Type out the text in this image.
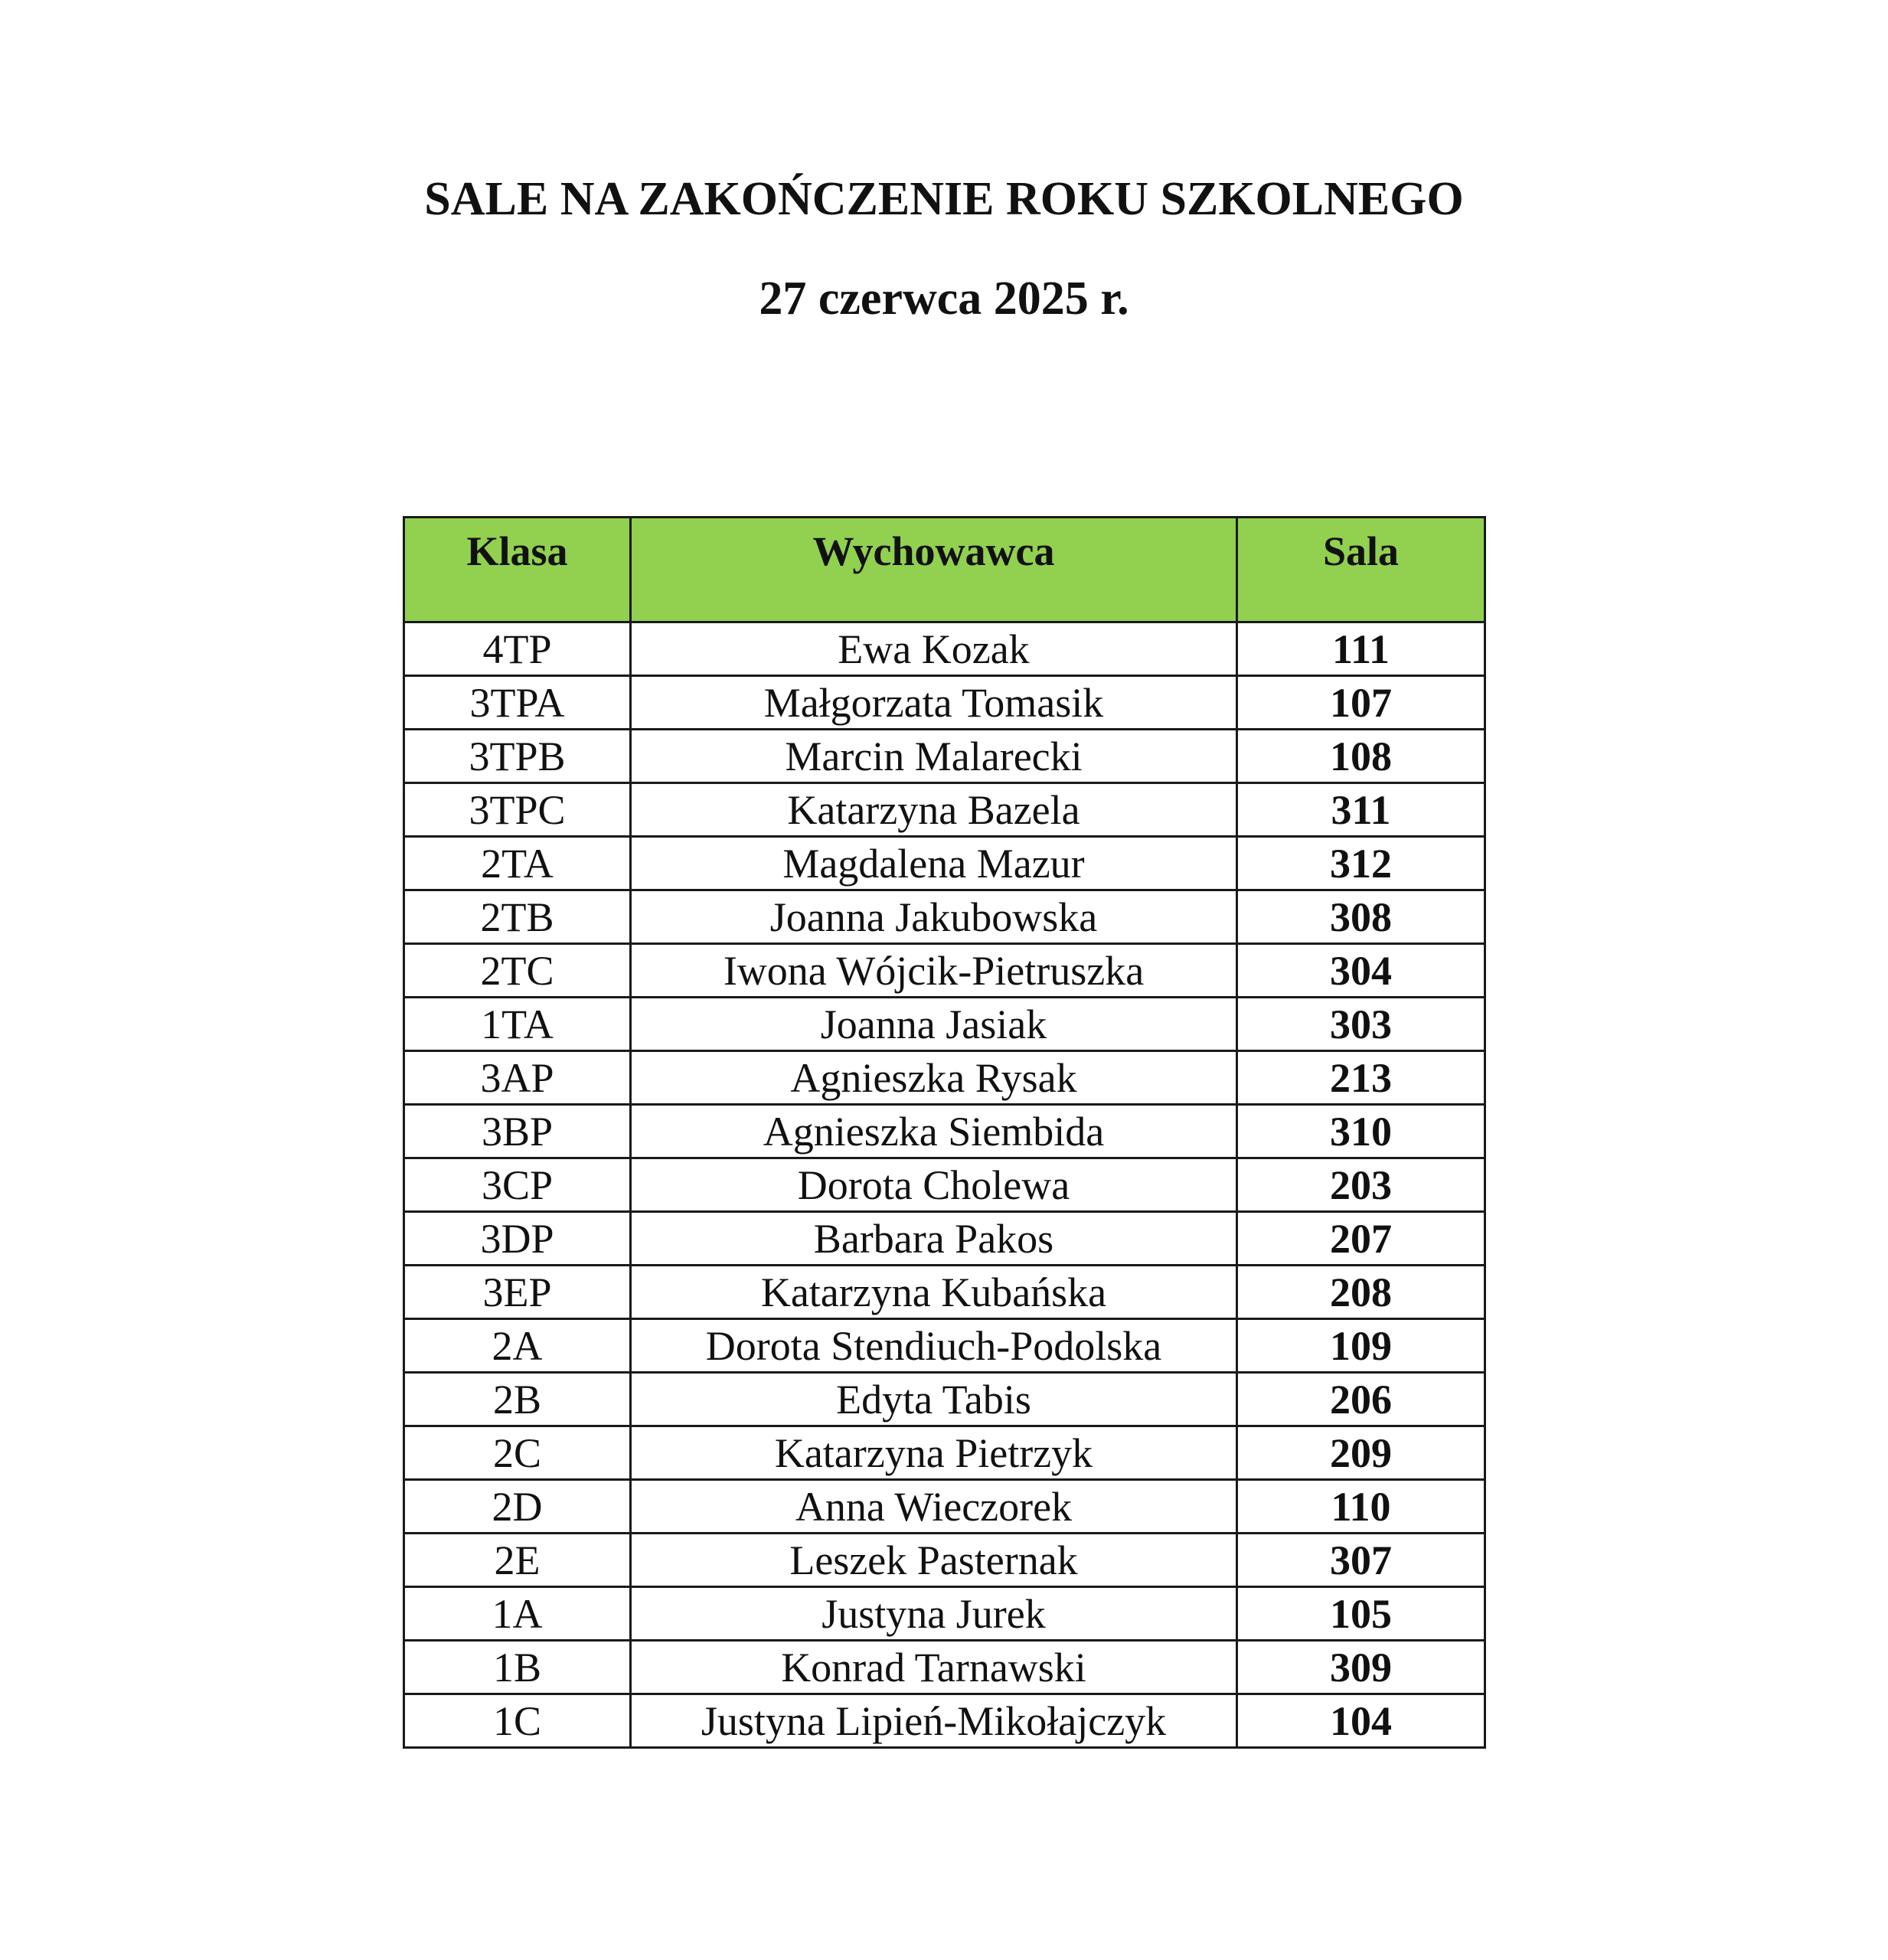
SALE NA ZAKOŃCZENIE ROKU SZKOLNEGO
27 czerwca 2025 r.
Klasa	Wychowawca	Sala
4TP	Ewa Kozak	111
3TPA	Małgorzata Tomasik	107
3TPB	Marcin Malarecki	108
3TPC	Katarzyna Bazela	311
2TA	Magdalena Mazur	312
2TB	Joanna Jakubowska	308
2TC	Iwona Wójcik-Pietruszka	304
1TA	Joanna Jasiak	303
3AP	Agnieszka Rysak	213
3BP	Agnieszka Siembida	310
3CP	Dorota Cholewa	203
3DP	Barbara Pakos	207
3EP	Katarzyna Kubańska	208
2A	Dorota Stendiuch-Podolska	109
2B	Edyta Tabis	206
2C	Katarzyna Pietrzyk	209
2D	Anna Wieczorek	110
2E	Leszek Pasternak	307
1A	Justyna Jurek	105
1B	Konrad Tarnawski	309
1C	Justyna Lipień-Mikołajczyk	104
